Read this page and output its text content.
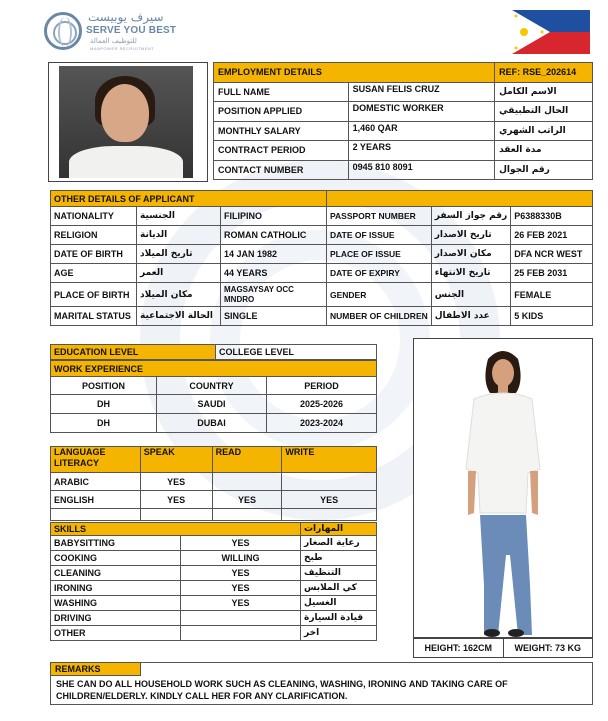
سيرف يوبيست
SERVE YOU BEST
للتوظيف العمالة
MANPOWER RECRUITMENT
EMPLOYMENT DETAILS		REF: RSE_202614
FULL NAME	SUSAN FELIS CRUZ	الاسم الكامل
POSITION APPLIED	DOMESTIC WORKER	الحال التطبيقي
MONTHLY SALARY	1,460 QAR	الراتب الشهري
CONTRACT PERIOD	2 YEARS	مدة العقد
CONTACT NUMBER	0945 810 8091	رقم الجوال
OTHER DETAILS OF APPLICANT					
NATIONALITY	الجنسية	FILIPINO	PASSPORT NUMBER	رقم جواز السفر	P6388330B
RELIGION	الديانة	ROMAN CATHOLIC	DATE OF ISSUE	تاريخ الاصدار	26 FEB 2021
DATE OF BIRTH	تاريخ الميلاد	14 JAN 1982	PLACE OF ISSUE	مكان الاصدار	DFA NCR WEST
AGE	العمر	44 YEARS	DATE OF EXPIRY	تاريخ الانتهاء	25 FEB 2031
PLACE OF BIRTH	مكان الميلاد	MAGSAYSAY OCC MNDRO	GENDER	الجنس	FEMALE
MARITAL STATUS	الحالة الاجتماعية	SINGLE	NUMBER OF CHILDREN	عدد الاطفال	5 KIDS
EDUCATION LEVEL	COLLEGE LEVEL
WORK EXPERIENCE		
POSITION	COUNTRY	PERIOD
DH	SAUDI	2025-2026
DH	DUBAI	2023-2024
LANGUAGE LITERACY	SPEAK	READ	WRITE
ARABIC	YES		
ENGLISH	YES	YES	YES

SKILLS		المهارات
BABYSITTING	YES	رعاية الصغار
COOKING	WILLING	طبخ
CLEANING	YES	التنظيف
IRONING	YES	كي الملابس
WASHING	YES	الغسيل
DRIVING		قيادة السيارة
OTHER		اخر
HEIGHT: 162CM	WEIGHT: 73 KG
REMARKS
SHE CAN DO ALL HOUSEHOLD WORK SUCH AS CLEANING, WASHING, IRONING AND TAKING CARE OF CHILDREN/ELDERLY. KINDLY CALL HER FOR ANY CLARIFICATION.
